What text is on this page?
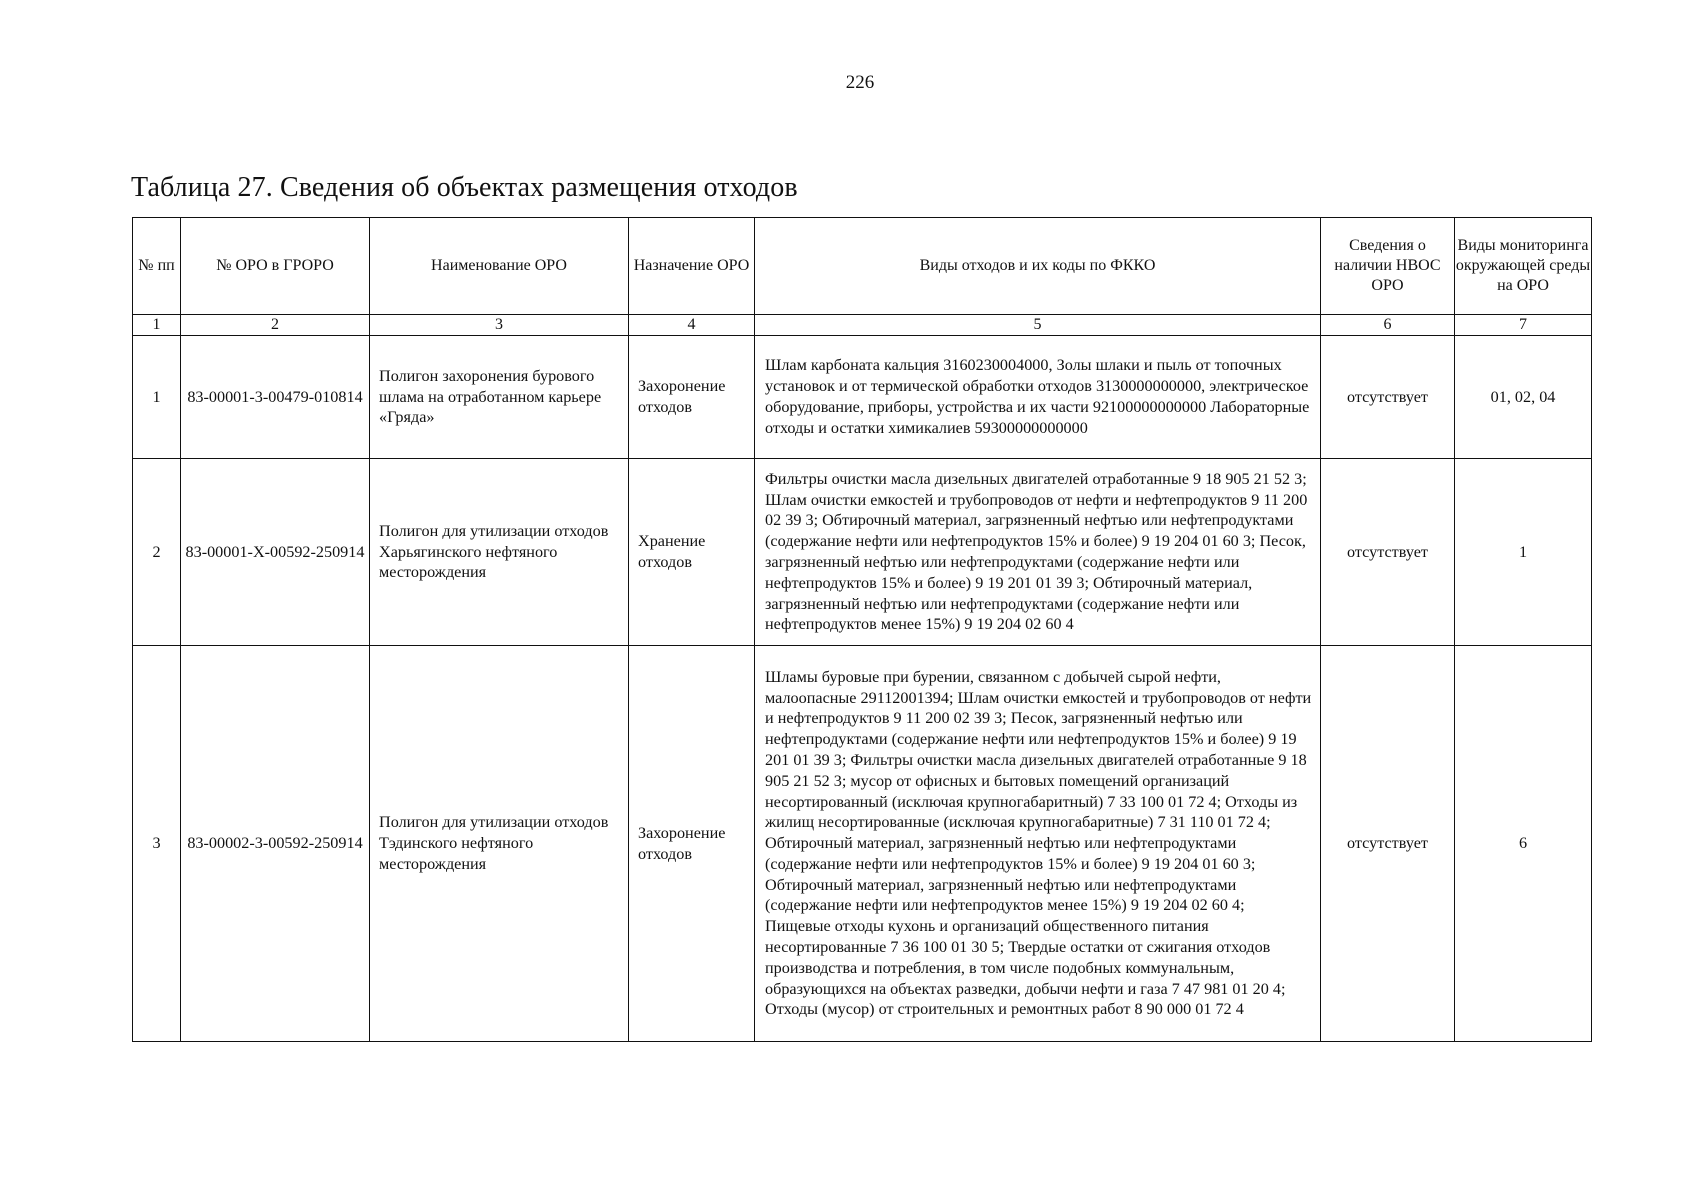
226
Таблица 27. Сведения об объектах размещения отходов
№ пп	№ ОРО в ГРОРО	Наименование ОРО	Назначение ОРО	Виды отходов и их коды по ФККО	Сведения о наличии НВОС ОРО	Виды мониторинга окружающей среды на ОРО
1	2	3	4	5	6	7
1	83-00001-3-00479-010814	Полигон захоронения бурового шлама на отработанном карьере «Гряда»	Захоронение отходов	Шлам карбоната кальция 3160230004000, Золы шлаки и пыль от топочных установок и от термической обработки отходов 3130000000000, электрическое оборудование, приборы, устройства и их части 92100000000000 Лабораторные отходы и остатки химикалиев 59300000000000	отсутствует	01, 02, 04
2	83-00001-X-00592-250914	Полигон для утилизации отходов Харьягинского нефтяного месторождения	Хранение отходов	Фильтры очистки масла дизельных двигателей отработанные 9 18 905 21 52 3; Шлам очистки емкостей и трубопроводов от нефти и нефтепродуктов 9 11 200 02 39 3; Обтирочный материал, загрязненный нефтью или нефтепродуктами (содержание нефти или нефтепродуктов 15% и более) 9 19 204 01 60 3; Песок, загрязненный нефтью или нефтепродуктами (содержание нефти или нефтепродуктов 15% и более) 9 19 201 01 39 3; Обтирочный материал, загрязненный нефтью или нефтепродуктами (содержание нефти или нефтепродуктов менее 15%) 9 19 204 02 60 4	отсутствует	1
3	83-00002-3-00592-250914	Полигон для утилизации отходов Тэдинского нефтяного месторождения	Захоронение отходов	Шламы буровые при бурении, связанном с добычей сырой нефти, малоопасные 29112001394; Шлам очистки емкостей и трубопроводов от нефти и нефтепродуктов 9 11 200 02 39 3; Песок, загрязненный нефтью или нефтепродуктами (содержание нефти или нефтепродуктов 15% и более) 9 19 201 01 39 3; Фильтры очистки масла дизельных двигателей отработанные 9 18 905 21 52 3; мусор от офисных и бытовых помещений организаций несортированный (исключая крупногабаритный) 7 33 100 01 72 4; Отходы из жилищ несортированные (исключая крупногабаритные) 7 31 110 01 72 4; Обтирочный материал, загрязненный нефтью или нефтепродуктами (содержание нефти или нефтепродуктов 15% и более) 9 19 204 01 60 3; Обтирочный материал, загрязненный нефтью или нефтепродуктами (содержание нефти или нефтепродуктов менее 15%) 9 19 204 02 60 4; Пищевые отходы кухонь и организаций общественного питания несортированные 7 36 100 01 30 5; Твердые остатки от сжигания отходов производства и потребления, в том числе подобных коммунальным, образующихся на объектах разведки, добычи нефти и газа 7 47 981 01 20 4; Отходы (мусор) от строительных и ремонтных работ 8 90 000 01 72 4	отсутствует	6
